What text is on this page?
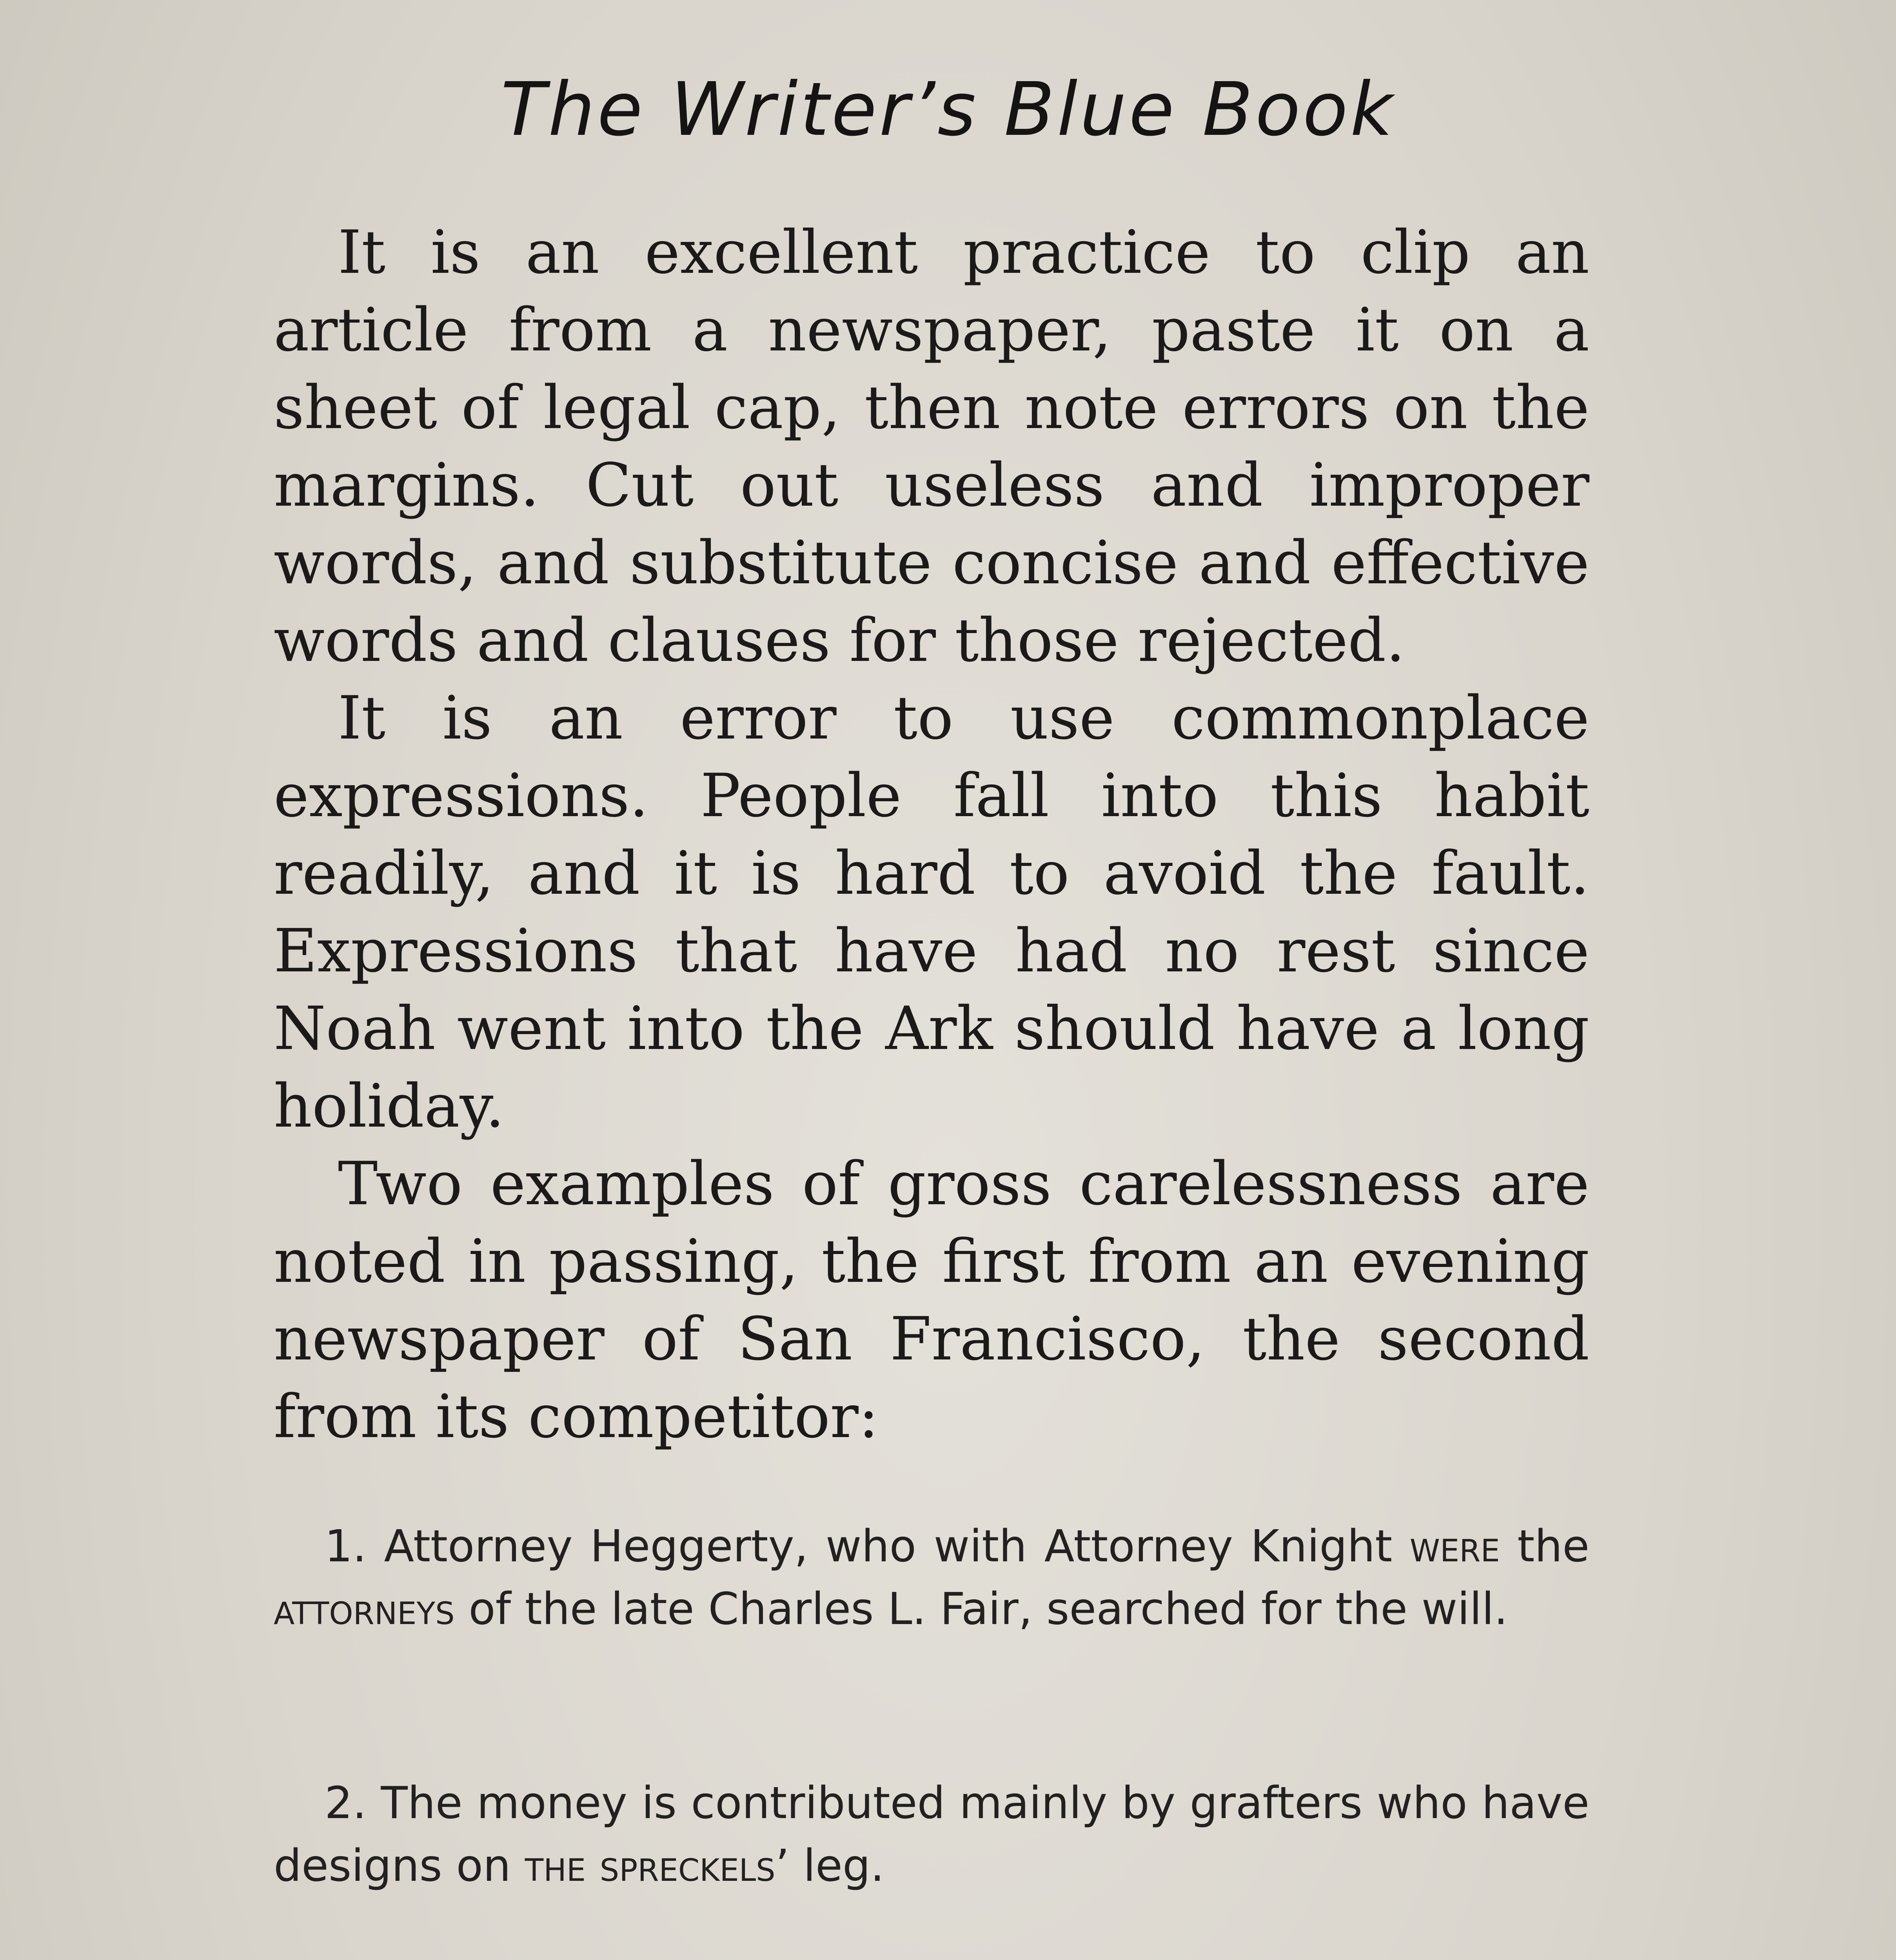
The Writer’s Blue Book

It is an excellent practice to clip an article from a newspaper, paste it on a sheet of legal cap, then note errors on the margins. Cut out useless and improper words, and substitute concise and effective words and clauses for those rejected.

It is an error to use commonplace expressions. People fall into this habit readily, and it is hard to avoid the fault. Expressions that have had no rest since Noah went into the Ark should have a long holiday.

Two examples of gross carelessness are noted in passing, the first from an evening newspaper of San Francisco, the second from its competitor:

1. Attorney Heggerty, who with Attorney Knight were the attorneys of the late Charles L. Fair, searched for the will.

2. The money is contributed mainly by grafters who have designs on the spreckels’ leg.
